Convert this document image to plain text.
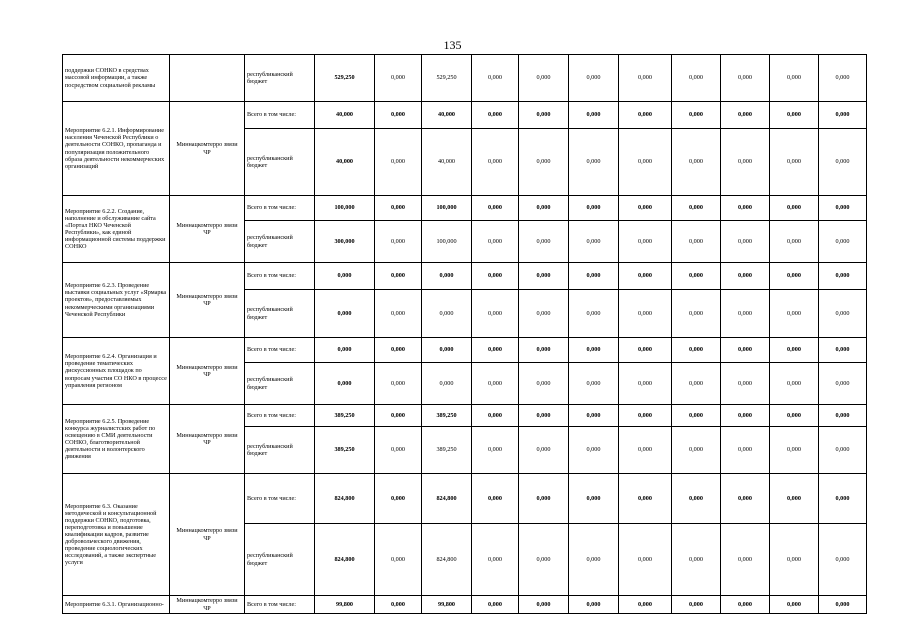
135
поддержки СОНКО в средствах массовой информации, а также посредством социальной рекламы		республиканский бюджет	529,250	0,000	529,250	0,000	0,000	0,000	0,000	0,000	0,000	0,000	0,000	
Мероприятие 6.2.1. Информирование населения Чеченской Республики о деятельности СОНКО, пропаганда и популяризация положительного образа деятельности некоммерческих организаций	Миннацкомтерро звязи ЧР	Всего в том числе:	40,000	0,000	40,000	0,000	0,000	0,000	0,000	0,000	0,000	0,000	0,000	
		республиканский бюджет	40,000	0,000	40,000	0,000	0,000	0,000	0,000	0,000	0,000	0,000	0,000	
Мероприятие 6.2.2. Создание, наполнение и обслуживание сайта «Портал НКО Чеченской Республики», как единой информационной системы поддержки СОНКО	Миннацкомтерро звязи ЧР	Всего в том числе:	100,000	0,000	100,000	0,000	0,000	0,000	0,000	0,000	0,000	0,000	0,000	
		республиканский бюджет	300,000	0,000	100,000	0,000	0,000	0,000	0,000	0,000	0,000	0,000	0,000	
Мероприятие 6.2.3. Проведение выставки социальных услуг «Ярмарка проектов», предоставляемых некоммерческими организациями Чеченской Республики	Миннацкомтерро звязи ЧР	Всего в том числе:	0,000	0,000	0,000	0,000	0,000	0,000	0,000	0,000	0,000	0,000	0,000	
		республиканский бюджет	0,000	0,000	0,000	0,000	0,000	0,000	0,000	0,000	0,000	0,000	0,000	
Мероприятие 6.2.4. Организация и проведение тематических дискуссионных площадок по вопросам участия СО НКО в процессе управления регионом	Миннацкомтерро звязи ЧР	Всего в том числе:	0,000	0,000	0,000	0,000	0,000	0,000	0,000	0,000	0,000	0,000	0,000	
		республиканский бюджет	0,000	0,000	0,000	0,000	0,000	0,000	0,000	0,000	0,000	0,000	0,000	
Мероприятие 6.2.5. Проведение конкурса журналистских работ по освещению в СМИ деятельности СОНКО, благотворительной деятельности и волонтерского движения	Миннацкомтерро звязи ЧР	Всего в том числе:	389,250	0,000	389,250	0,000	0,000	0,000	0,000	0,000	0,000	0,000	0,000	
		республиканский бюджет	389,250	0,000	389,250	0,000	0,000	0,000	0,000	0,000	0,000	0,000	0,000	
Мероприятие 6.3. Оказание методической и консультационной поддержки СОНКО, подготовка, переподготовка и повышение квалификации кадров, развитие добровольческого движения, проведение социологических исследований, а также экспертные услуги	Миннацкомтерро звязи ЧР	Всего в том числе:	824,800	0,000	824,800	0,000	0,000	0,000	0,000	0,000	0,000	0,000	0,000	
		республиканский бюджет	824,800	0,000	824,800	0,000	0,000	0,000	0,000	0,000	0,000	0,000	0,000	
Мероприятие 6.3.1. Организационно-	Миннацкомтерро звязи ЧР	Всего в том числе:	99,800	0,000	99,800	0,000	0,000	0,000	0,000	0,000	0,000	0,000	0,000	
